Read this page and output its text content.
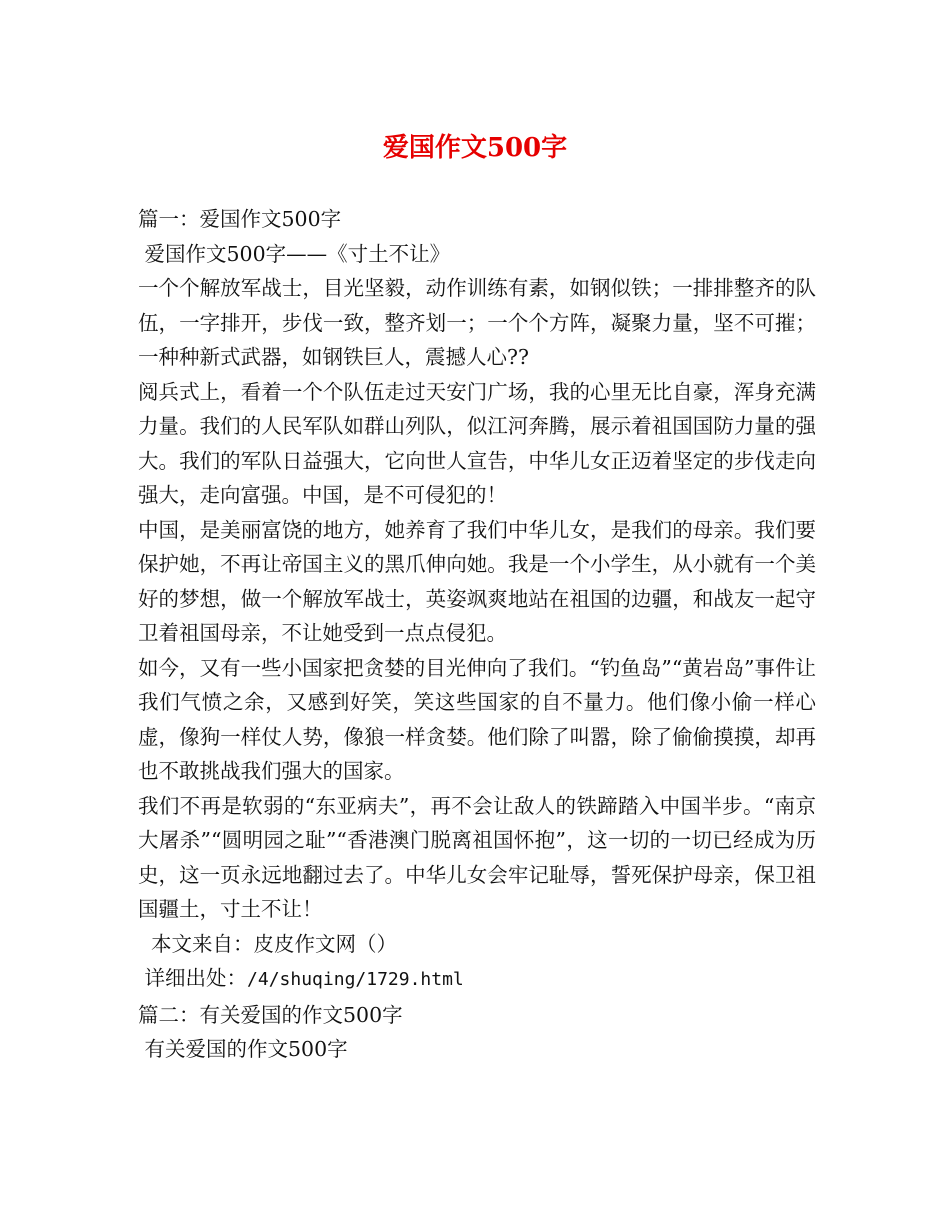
爱国作文500字
篇一：爱国作文500字
爱国作文500字——《寸土不让》
一个个解放军战士，目光坚毅，动作训练有素，如钢似铁；一排排整齐的队伍，一字排开，步伐一致，整齐划一；一个个方阵，凝聚力量，坚不可摧；一种种新式武器，如钢铁巨人，震撼人心??
阅兵式上，看着一个个队伍走过天安门广场，我的心里无比自豪，浑身充满力量。我们的人民军队如群山列队，似江河奔腾，展示着祖国国防力量的强大。我们的军队日益强大，它向世人宣告，中华儿女正迈着坚定的步伐走向强大，走向富强。中国，是不可侵犯的！
中国，是美丽富饶的地方，她养育了我们中华儿女，是我们的母亲。我们要保护她，不再让帝国主义的黑爪伸向她。我是一个小学生，从小就有一个美好的梦想，做一个解放军战士，英姿飒爽地站在祖国的边疆，和战友一起守卫着祖国母亲，不让她受到一点点侵犯。
如今，又有一些小国家把贪婪的目光伸向了我们。“钓鱼岛”“黄岩岛”事件让我们气愤之余，又感到好笑，笑这些国家的自不量力。他们像小偷一样心虚，像狗一样仗人势，像狼一样贪婪。他们除了叫嚣，除了偷偷摸摸，却再也不敢挑战我们强大的国家。
我们不再是软弱的“东亚病夫”，再不会让敌人的铁蹄踏入中国半步。“南京大屠杀”“圆明园之耻”“香港澳门脱离祖国怀抱”，这一切的一切已经成为历史，这一页永远地翻过去了。中华儿女会牢记耻辱，誓死保护母亲，保卫祖国疆土，寸土不让！
本文来自：皮皮作文网（）
详细出处：/4/shuqing/1729.html
篇二：有关爱国的作文500字
有关爱国的作文500字
